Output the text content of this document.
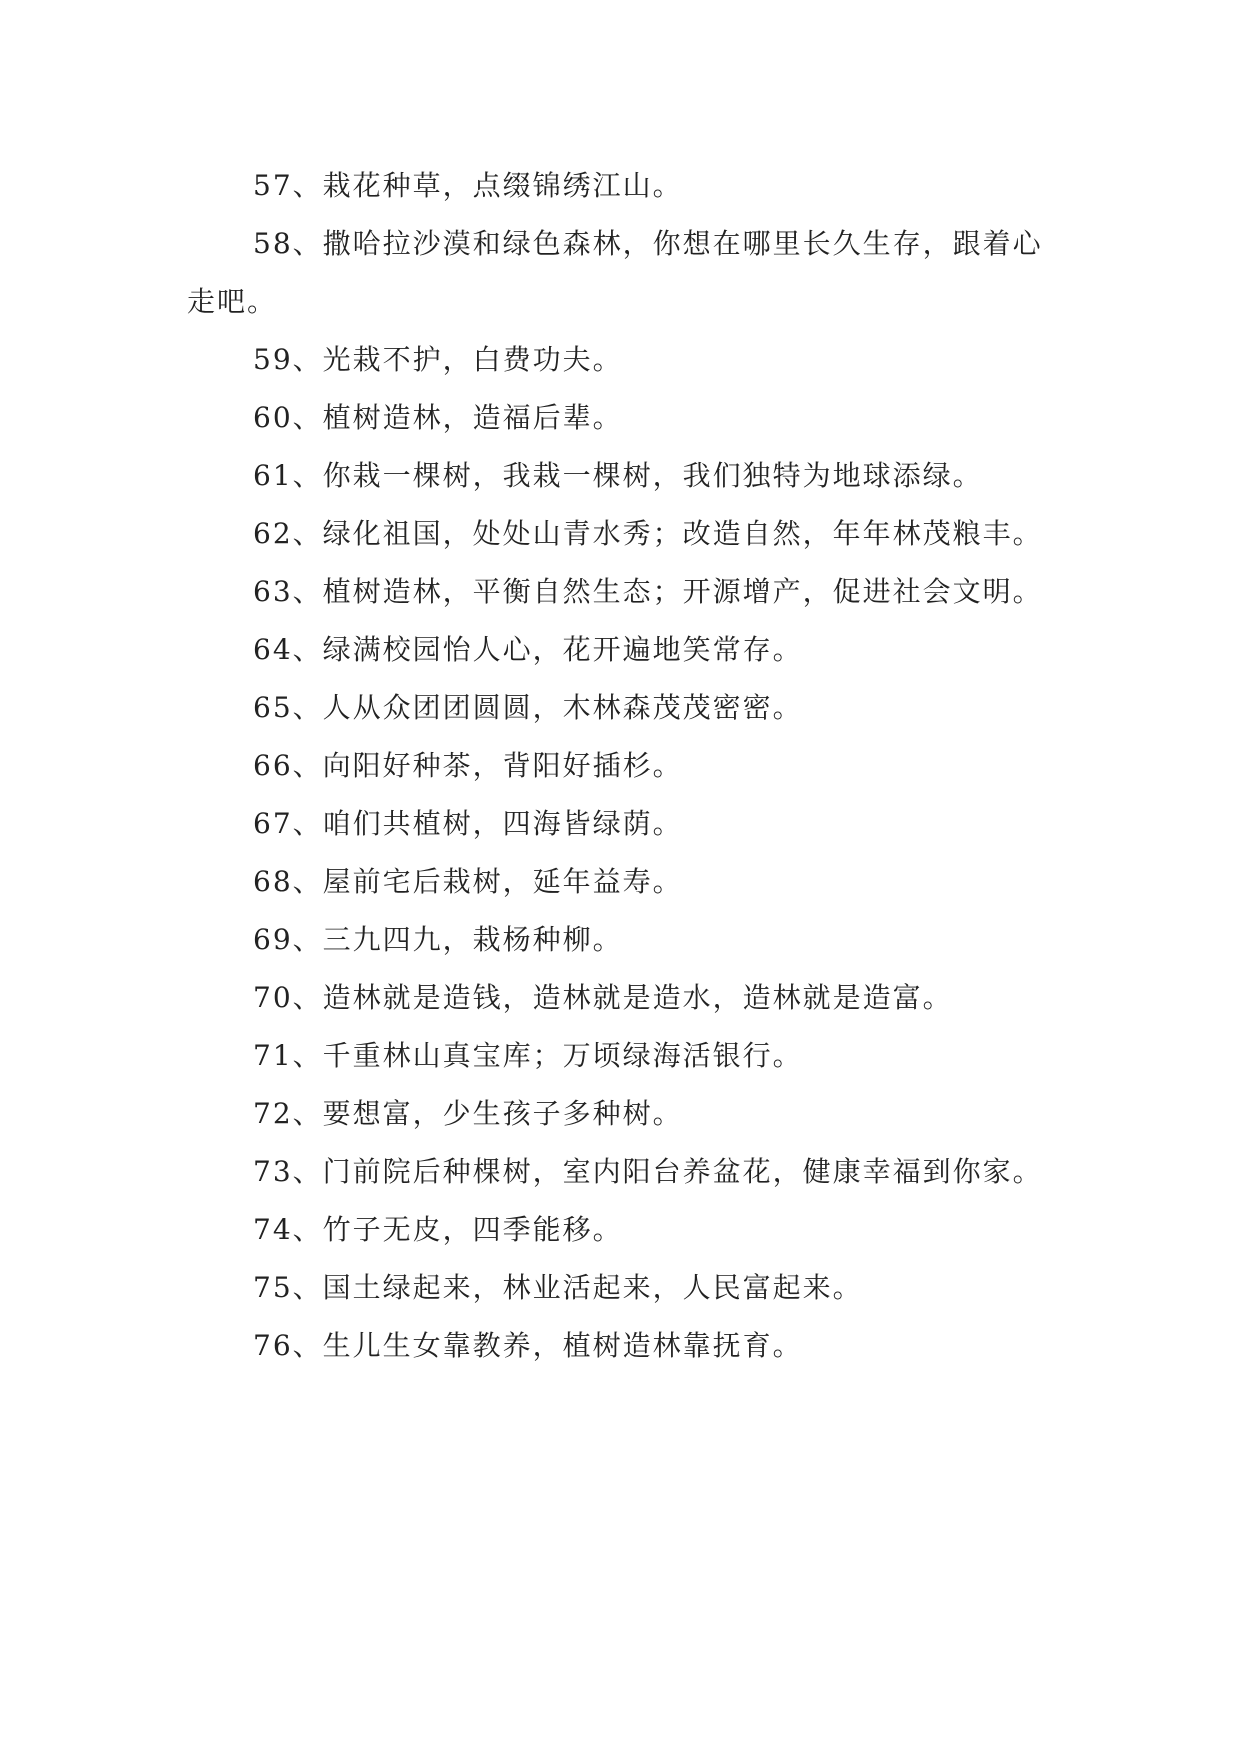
57、栽花种草，点缀锦绣江山。

58、撒哈拉沙漠和绿色森林，你想在哪里长久生存，跟着心走吧。

59、光栽不护，白费功夫。

60、植树造林，造福后辈。

61、你栽一棵树，我栽一棵树，我们独特为地球添绿。

62、绿化祖国，处处山青水秀；改造自然，年年林茂粮丰。

63、植树造林，平衡自然生态；开源增产，促进社会文明。

64、绿满校园怡人心，花开遍地笑常存。

65、人从众团团圆圆，木林森茂茂密密。

66、向阳好种茶，背阳好插杉。

67、咱们共植树，四海皆绿荫。

68、屋前宅后栽树，延年益寿。

69、三九四九，栽杨种柳。

70、造林就是造钱，造林就是造水，造林就是造富。

71、千重林山真宝库；万顷绿海活银行。

72、要想富，少生孩子多种树。

73、门前院后种棵树，室内阳台养盆花，健康幸福到你家。

74、竹子无皮，四季能移。

75、国土绿起来，林业活起来，人民富起来。

76、生儿生女靠教养，植树造林靠抚育。
